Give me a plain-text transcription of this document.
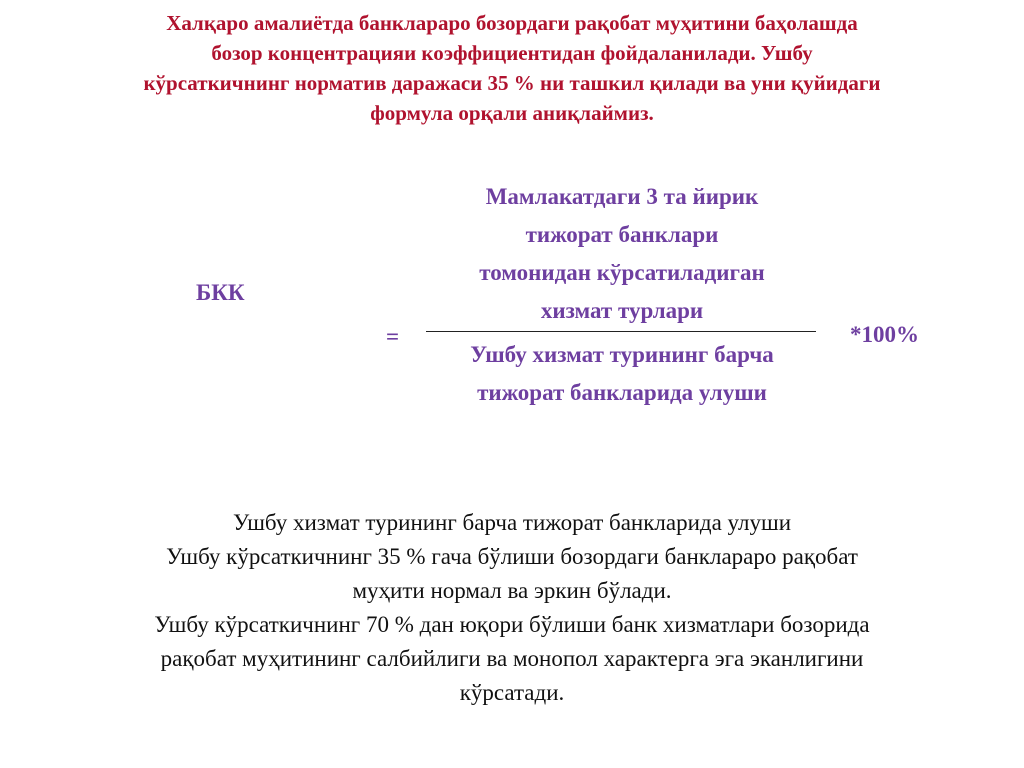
Халқаро амалиётда банклараро бозордаги рақобат муҳитини баҳолашда
бозор концентрацияи коэффициентидан фойдаланилади. Ушбу
кўрсаткичнинг норматив даражаси 35 % ни ташкил қилади ва уни қуйидаги
формула орқали аниқлаймиз.
БКК
Мамлакатдаги 3 та йирик
тижорат банклари
томонидан кўрсатиладиган
хизмат турлари
=
Ушбу хизмат турининг барча
тижорат банкларида улуши
*100%
Ушбу хизмат турининг барча тижорат банкларида улуши
Ушбу кўрсаткичнинг 35 % гача бўлиши бозордаги банклараро рақобат
муҳити нормал ва эркин бўлади.
Ушбу кўрсаткичнинг 70 % дан юқори бўлиши банк хизматлари бозорида
рақобат муҳитининг салбийлиги ва монопол характерга эга эканлигини
кўрсатади.
